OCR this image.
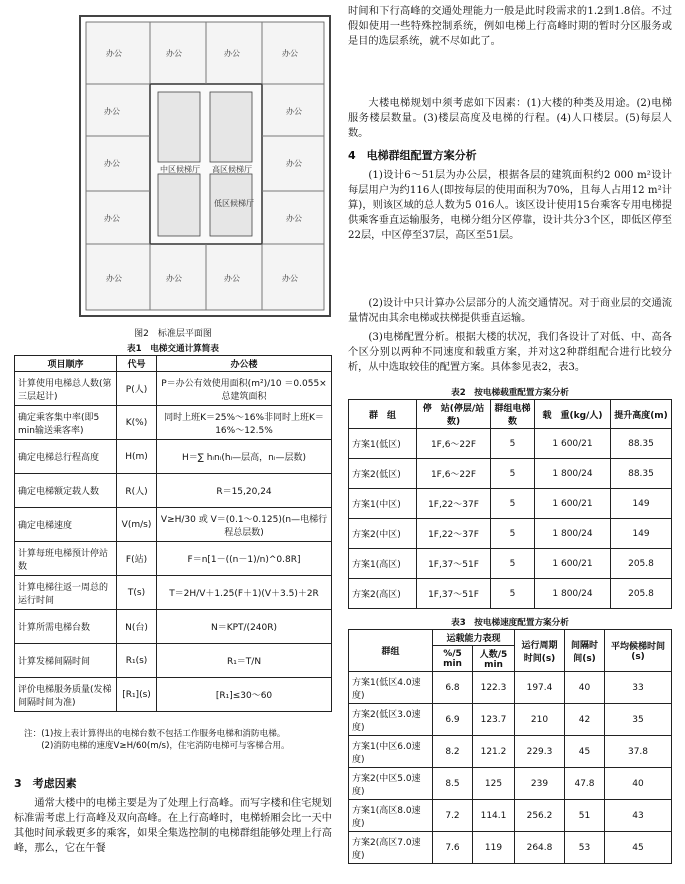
办公	办公	办公	办公
办公	办公
办公	办公
办公	办公
办公	办公	办公	办公
中区候梯厅 高区候梯厅
低区候梯厅
图2　标准层平面图
表1　电梯交通计算简表
项目顺序	代号	办公楼
计算使用电梯总人数(第三层起计)	P(人)	P＝办公有效使用面积(m²)/10 ＝0.055×总建筑面积
确定乘客集中率(即5 min输送乘客率)	K(%)	同时上班K＝25%～16%非同时上班K＝16%～12.5%
确定电梯总行程高度	H(m)	H＝∑ hᵢnᵢ(hᵢ—层高，nᵢ—层数)
确定电梯额定载人数	R(人)	R＝15,20,24
确定电梯速度	V(m/s)	V≥H/30 或 V＝(0.1～0.125)(n—电梯行程总层数)
计算每班电梯预计停站数	F(站)	F＝n[1－((n－1)/n)^0.8R]
计算电梯往返一周总的运行时间	T(s)	T＝2H/V＋1.25(F＋1)(V＋3.5)＋2R
计算所需电梯台数	N(台)	N＝KPT/(240R)
计算发梯间隔时间	R₁(s)	R₁＝T/N
评价电梯服务质量(发梯间隔时间为准)	[R₁](s)	[R₁]≤30～60
注：(1)按上表计算得出的电梯台数不包括工作服务电梯和消防电梯。
(2)消防电梯的速度V≥H/60(m/s)，住宅消防电梯可与客梯合用。
3　考虑因素

通常大楼中的电梯主要是为了处理上行高峰。而写字楼和住宅规划标准需考虑上行高峰及双向高峰。在上行高峰时，电梯轿厢会比一天中其他时间承载更多的乘客，如果全集选控制的电梯群组能够处理上行高峰，那么，它在午餐

时间和下行高峰的交通处理能力一般是此时段需求的1.2到1.8倍。不过假如使用一些特殊控制系统，例如电梯上行高峰时期的暂时分区服务或是目的选层系统，就不尽如此了。

大楼电梯规划中须考虑如下因素：(1)大楼的种类及用途。(2)电梯服务楼层数量。(3)楼层高度及电梯的行程。(4)人口楼层。(5)每层人数。

4　电梯群组配置方案分析

(1)设计6～51层为办公层，根据各层的建筑面积约2 000 m²设计每层用户为约116人(即按每层的使用面积为70%，且每人占用12 m²计算)，则该区域的总人数为5 016人。该区设计使用15台乘客专用电梯提供乘客垂直运输服务，电梯分组分区停靠，设计共分3个区，即低区停至22层，中区停至37层，高区至51层。

(2)设计中只计算办公层部分的人流交通情况。对于商业层的交通流量情况由其余电梯或扶梯提供垂直运输。

(3)电梯配置分析。根据大楼的状况，我们各设计了对低、中、高各个区分别以两种不同速度和载重方案，并对这2种群组配合进行比较分析，从中选取较佳的配置方案。具体参见表2，表3。

表2　按电梯载重配置方案分析
群　组	停　站(停层/站数)	群组电梯数	载　重(kg/人)	提升高度(m)
方案1(低区)	1F,6～22F	5	1 600/21	88.35
方案2(低区)	1F,6～22F	5	1 800/24	88.35
方案1(中区)	1F,22～37F	5	1 600/21	149
方案2(中区)	1F,22～37F	5	1 800/24	149
方案1(高区)	1F,37～51F	5	1 600/21	205.8
方案2(高区)	1F,37～51F	5	1 800/24	205.8
表3　按电梯速度配置方案分析
群组	运载能力表现		运行周期时间(s)	间隔时间(s)	平均候梯时间(s)
	%/5 min	人数/5 min			
方案1(低区4.0速度)	6.8	122.3	197.4	40	33
方案2(低区3.0速度)	6.9	123.7	210	42	35
方案1(中区6.0速度)	8.2	121.2	229.3	45	37.8
方案2(中区5.0速度)	8.5	125	239	47.8	40
方案1(高区8.0速度)	7.2	114.1	256.2	51	43
方案2(高区7.0速度)	7.6	119	264.8	53	45
